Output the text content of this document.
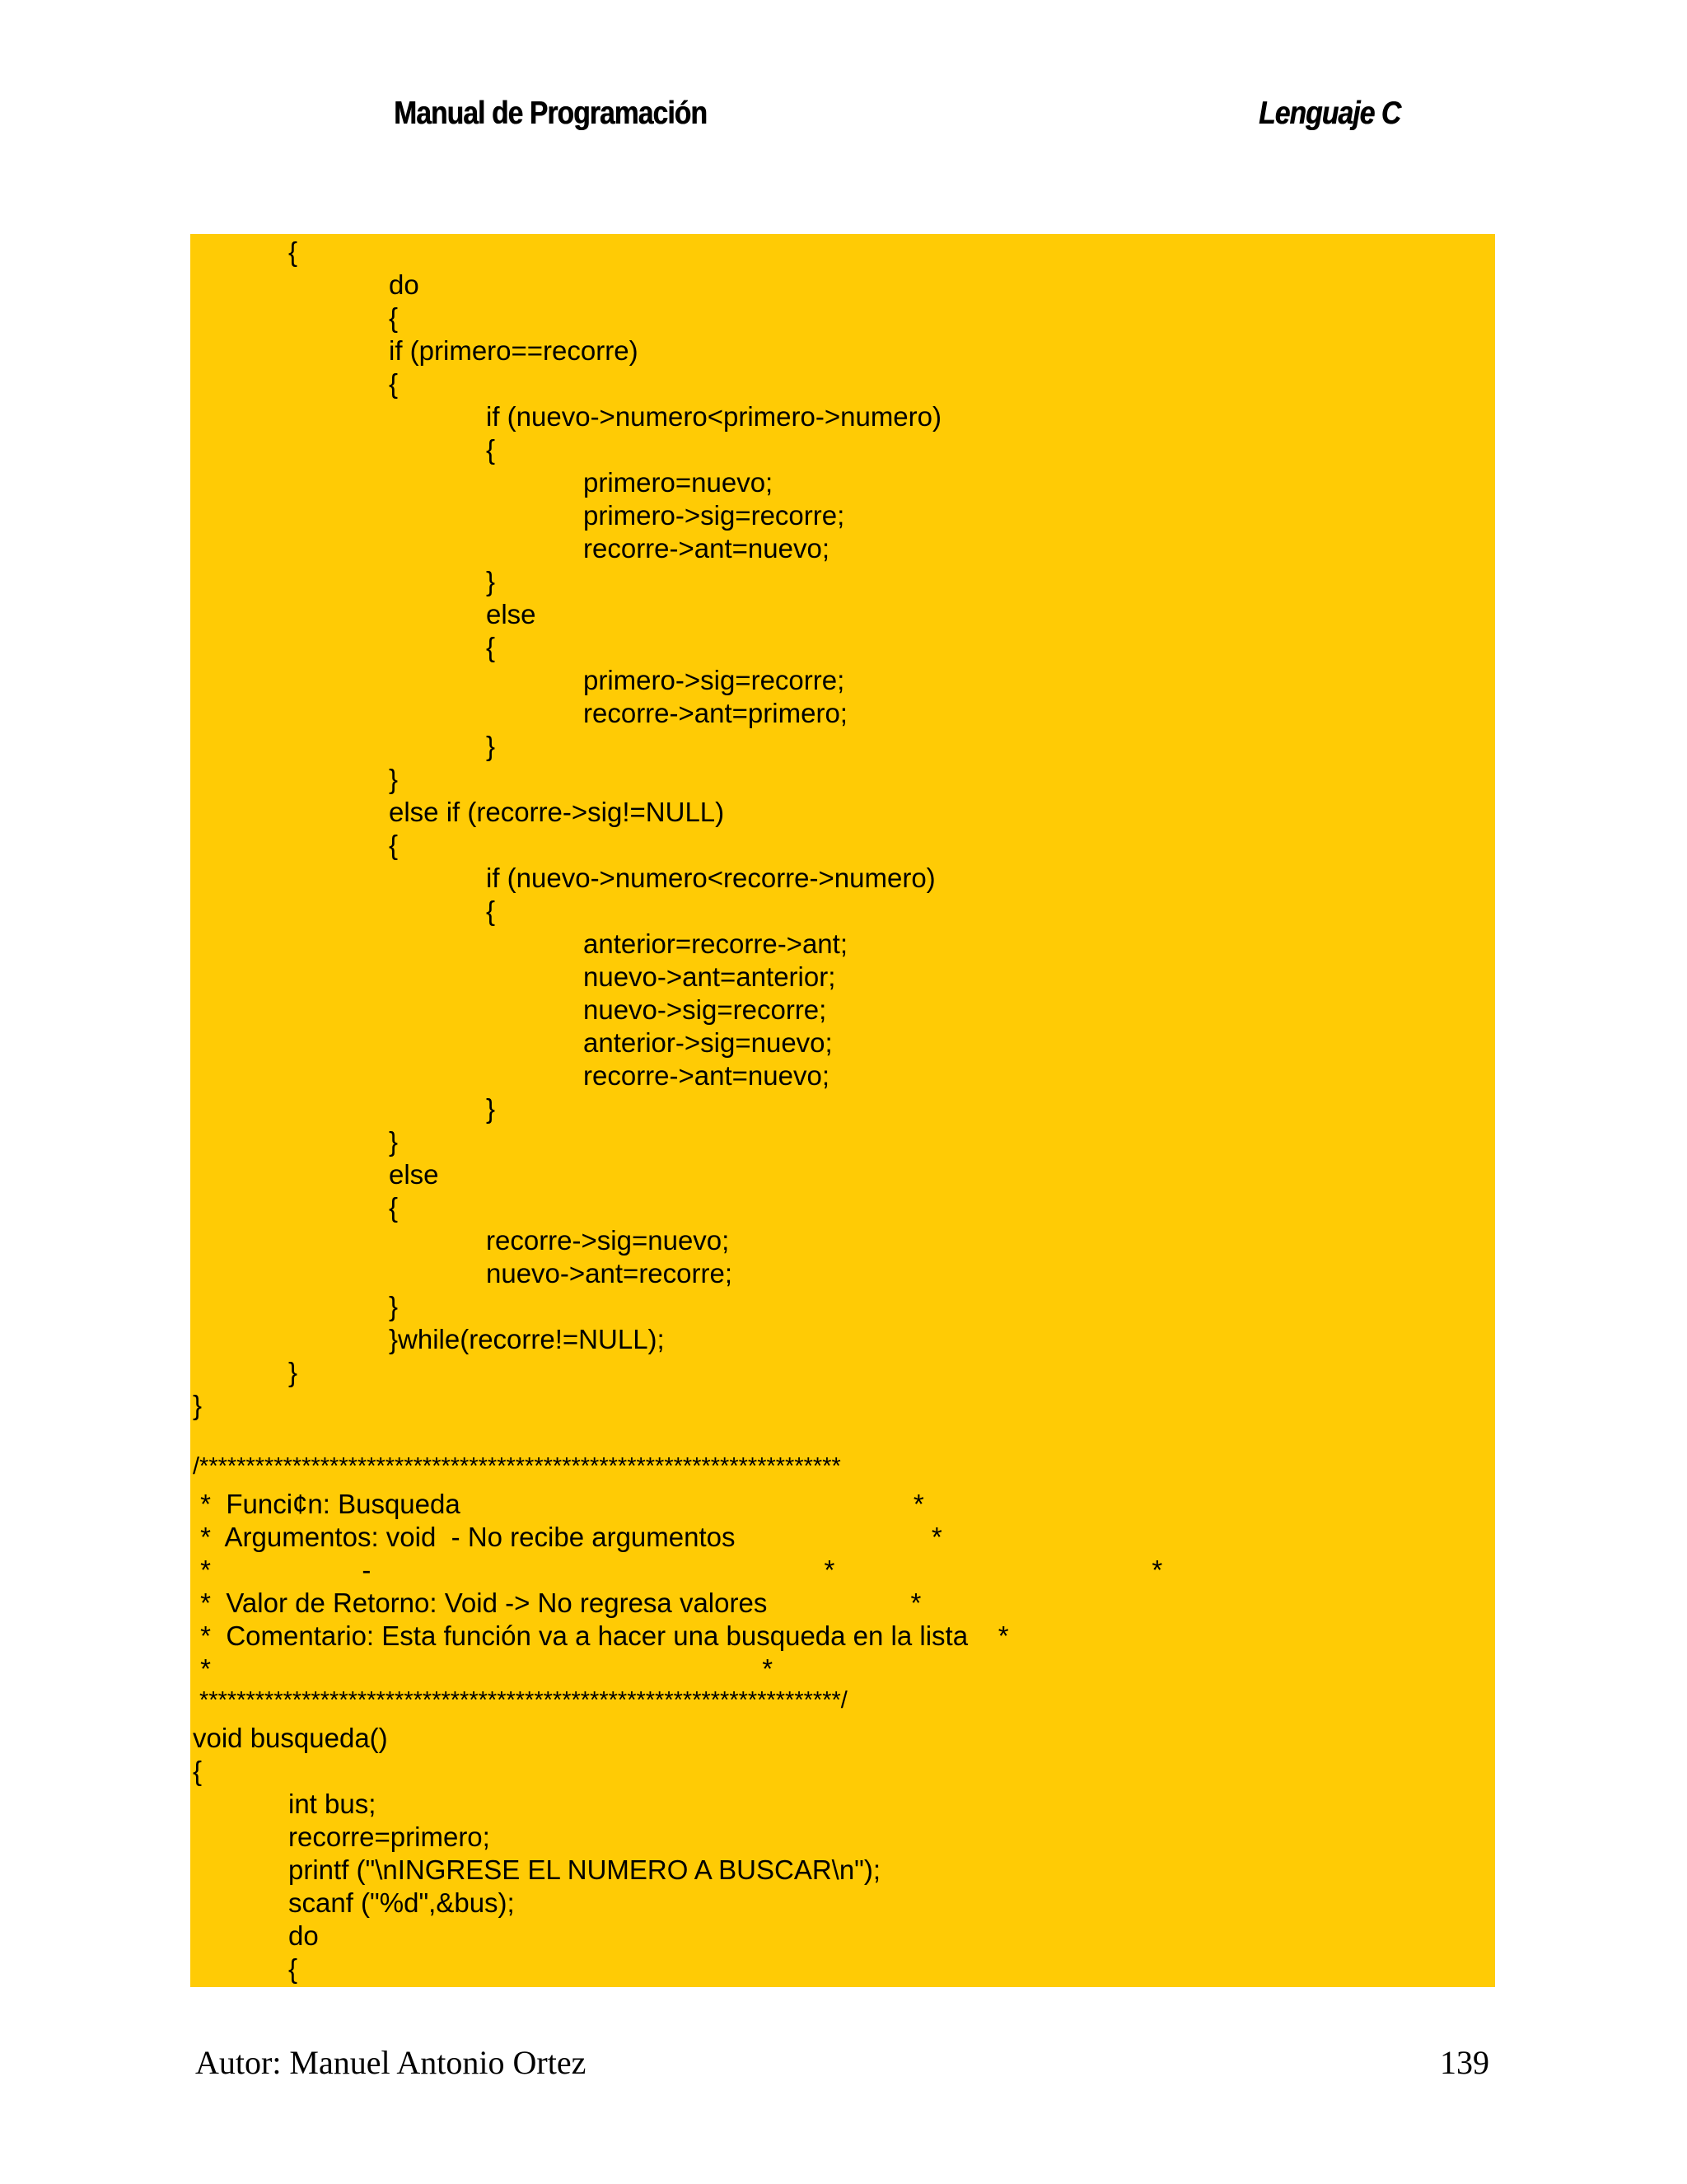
Manual de Programación	Lenguaje C
{
do
{
if (primero==recorre)
{
if (nuevo->numero<primero->numero)
{
primero=nuevo;
primero->sig=recorre;
recorre->ant=nuevo;
}
else
{
primero->sig=recorre;
recorre->ant=primero;
}
}
else if (recorre->sig!=NULL)
{
if (nuevo->numero<recorre->numero)
{
anterior=recorre->ant;
nuevo->ant=anterior;
nuevo->sig=recorre;
anterior->sig=nuevo;
recorre->ant=nuevo;
}
}
else
{
recorre->sig=nuevo;
nuevo->ant=recorre;
}
}while(recorre!=NULL);
}
}
/*********************************************************************
*  Funci¢n: Busqueda                                                            *
*  Argumentos: void  - No recibe argumentos                          *
*                    -                                                            *                                          *
*  Valor de Retorno: Void -> No regresa valores                   *
*  Comentario: Esta función va a hacer una busqueda en la lista    *
*                                                                         *
*********************************************************************/
void busqueda()
{
int bus;
recorre=primero;
printf ("\nINGRESE EL NUMERO A BUSCAR\n");
scanf ("%d",&bus);
do
{
Autor: Manuel Antonio Ortez	139
